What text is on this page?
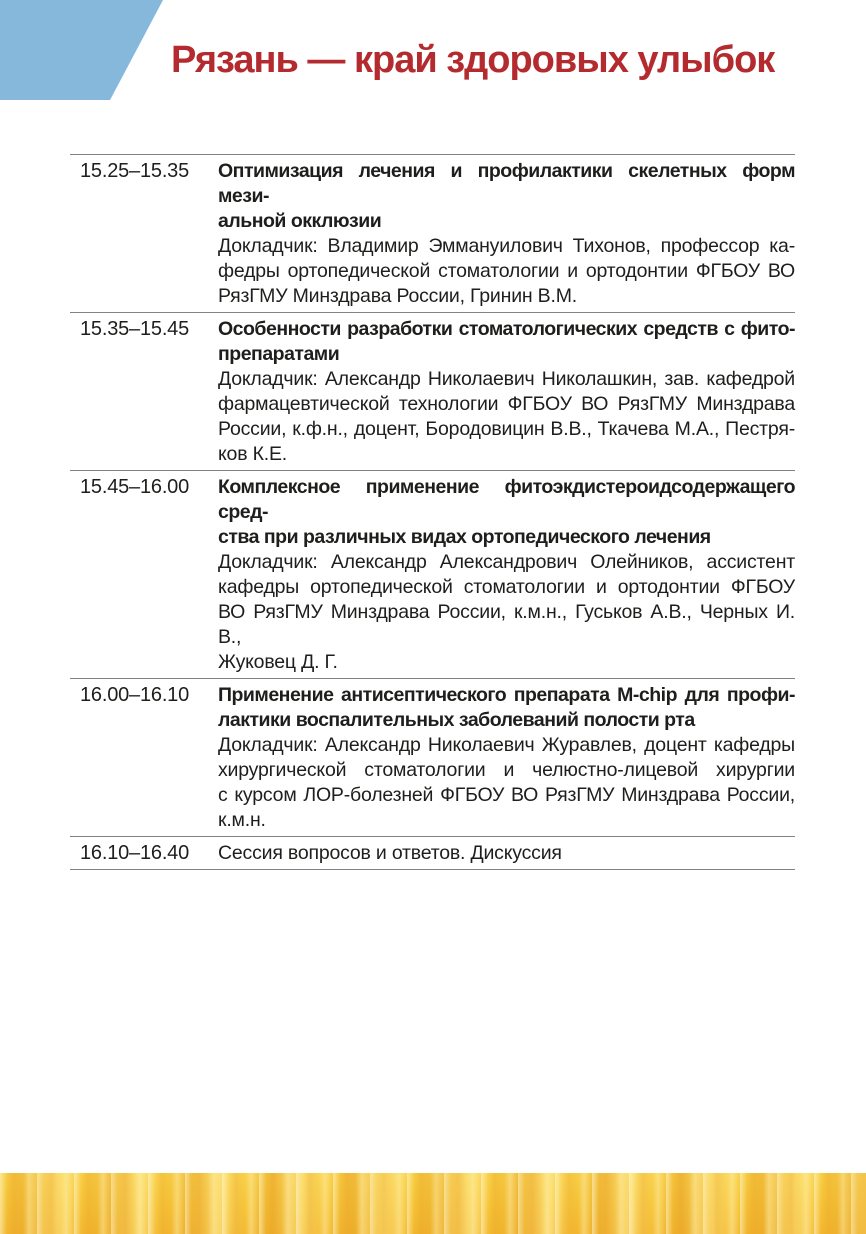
Рязань — край здоровых улыбок
15.25–15.35	Оптимизация лечения и профилактики скелетных форм мези-
альной окклюзии
Докладчик: Владимир Эммануилович Тихонов, профессор ка-
федры ортопедической стоматологии и ортодонтии ФГБОУ ВО
РязГМУ Минздрава России, Гринин В.М.
15.35–15.45	Особенности разработки стоматологических средств с фито-
препаратами
Докладчик: Александр Николаевич Николашкин, зав. кафедрой
фармацевтической технологии ФГБОУ ВО РязГМУ Минздрава
России, к.ф.н., доцент, Бородовицин В.В., Ткачева М.А., Пестря-
ков К.Е.
15.45–16.00	Комплексное применение фитоэкдистероидсодержащего сред-
ства при различных видах ортопедического лечения
Докладчик: Александр Александрович Олейников, ассистент
кафедры ортопедической стоматологии и ортодонтии ФГБОУ
ВО РязГМУ Минздрава России, к.м.н., Гуськов А.В., Черных И. В.,
Жуковец Д. Г.
16.00–16.10	Применение антисептического препарата M-chip для профи-
лактики воспалительных заболеваний полости рта
Докладчик: Александр Николаевич Журавлев, доцент кафедры
хирургической стоматологии и челюстно-лицевой хирургии
с курсом ЛОР-болезней ФГБОУ ВО РязГМУ Минздрава России,
к.м.н.
16.10–16.40	Сессия вопросов и ответов. Дискуссия
